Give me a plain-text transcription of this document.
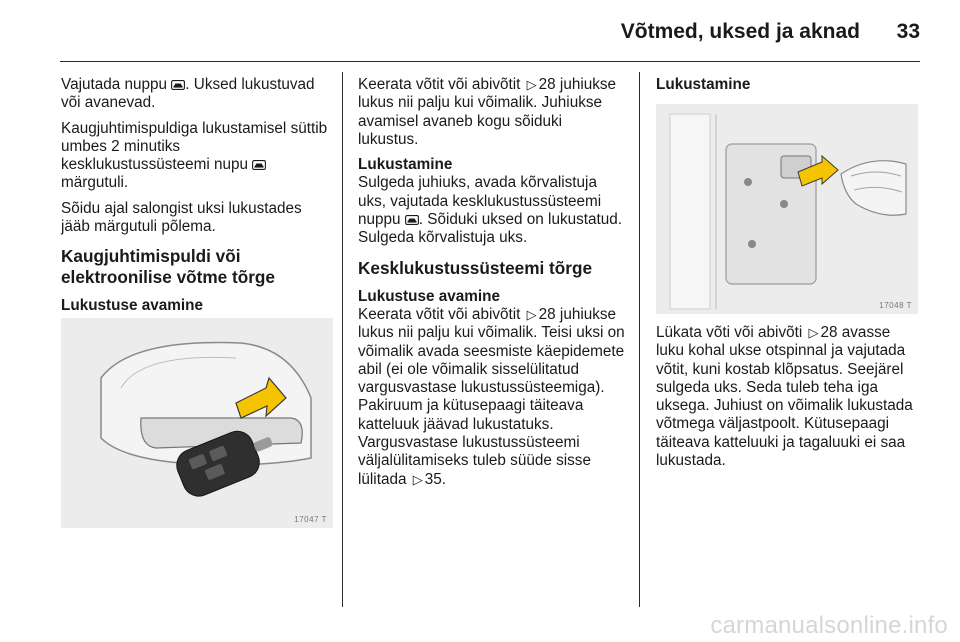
Võtmed, uksed ja aknad	33

Vajutada nuppu . Uksed lukustuvad või avanevad.

Kaugjuhtimispuldiga lukustamisel süttib umbes 2 minutiks kesklukustussüsteemi nupu  märgutuli.

Sõidu ajal salongist uksi lukustades jääb märgutuli põlema.

Kaugjuhtimispuldi või elektroonilise võtme tõrge
Lukustuse avamine
17047 T

Keerata võtit või abivõtit ▷ 28 juhiukse lukus nii palju kui võimalik. Juhiukse avamisel avaneb kogu sõiduki lukustus.

Lukustamine

Sulgeda juhiuks, avada kõrvalistuja uks, vajutada kesklukustussüsteemi nuppu . Sõiduki uksed on lukustatud. Sulgeda kõrvalistuja uks.

Kesklukustussüsteemi tõrge
Lukustuse avamine

Keerata võtit või abivõtit ▷ 28 juhiukse lukus nii palju kui võimalik. Teisi uksi on võimalik avada seesmiste käepidemete abil (ei ole võimalik sisselülitatud vargusvastase lukustussüsteemiga). Pakiruum ja kütusepaagi täiteava katteluuk jäävad lukustatuks. Vargusvastase lukustussüsteemi väljalülitamiseks tuleb süüde sisse lülitada ▷ 35.

Lukustamine
17048 T

Lükata võti või abivõti ▷ 28 avasse luku kohal ukse otspinnal ja vajutada võtit, kuni kostab klõpsatus. Seejärel sulgeda uks. Seda tuleb teha iga uksega. Juhiust on võimalik lukustada võtmega väljastpoolt. Kütusepaagi täiteava katteluuki ja tagaluuki ei saa lukustada.

carmanualsonline.info
